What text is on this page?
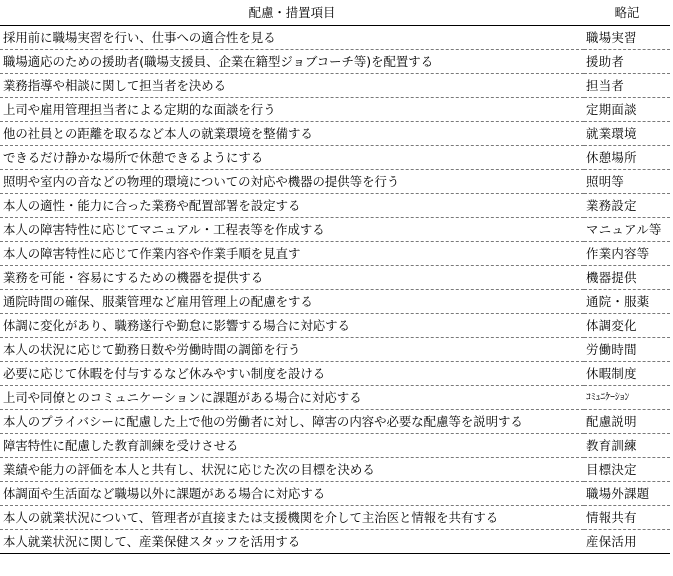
配慮・措置項目	略記
採用前に職場実習を行い、仕事への適合性を見る	職場実習
職場適応のための援助者(職場支援員、企業在籍型ジョブコーチ等)を配置する	援助者
業務指導や相談に関して担当者を決める	担当者
上司や雇用管理担当者による定期的な面談を行う	定期面談
他の社員との距離を取るなど本人の就業環境を整備する	就業環境
できるだけ静かな場所で休憩できるようにする	休憩場所
照明や室内の音などの物理的環境についての対応や機器の提供等を行う	照明等
本人の適性・能力に合った業務や配置部署を設定する	業務設定
本人の障害特性に応じてマニュアル・工程表等を作成する	マニュアル等
本人の障害特性に応じて作業内容や作業手順を見直す	作業内容等
業務を可能・容易にするための機器を提供する	機器提供
通院時間の確保、服薬管理など雇用管理上の配慮をする	通院・服薬
体調に変化があり、職務遂行や勤怠に影響する場合に対応する	体調変化
本人の状況に応じて勤務日数や労働時間の調節を行う	労働時間
必要に応じて休暇を付与するなど休みやすい制度を設ける	休暇制度
上司や同僚とのコミュニケーションに課題がある場合に対応する	ｺﾐｭﾆｹｰｼｮﾝ
本人のプライバシーに配慮した上で他の労働者に対し、障害の内容や必要な配慮等を説明する	配慮説明
障害特性に配慮した教育訓練を受けさせる	教育訓練
業績や能力の評価を本人と共有し、状況に応じた次の目標を決める	目標決定
体調面や生活面など職場以外に課題がある場合に対応する	職場外課題
本人の就業状況について、管理者が直接または支援機関を介して主治医と情報を共有する	情報共有
本人就業状況に関して、産業保健スタッフを活用する	産保活用
